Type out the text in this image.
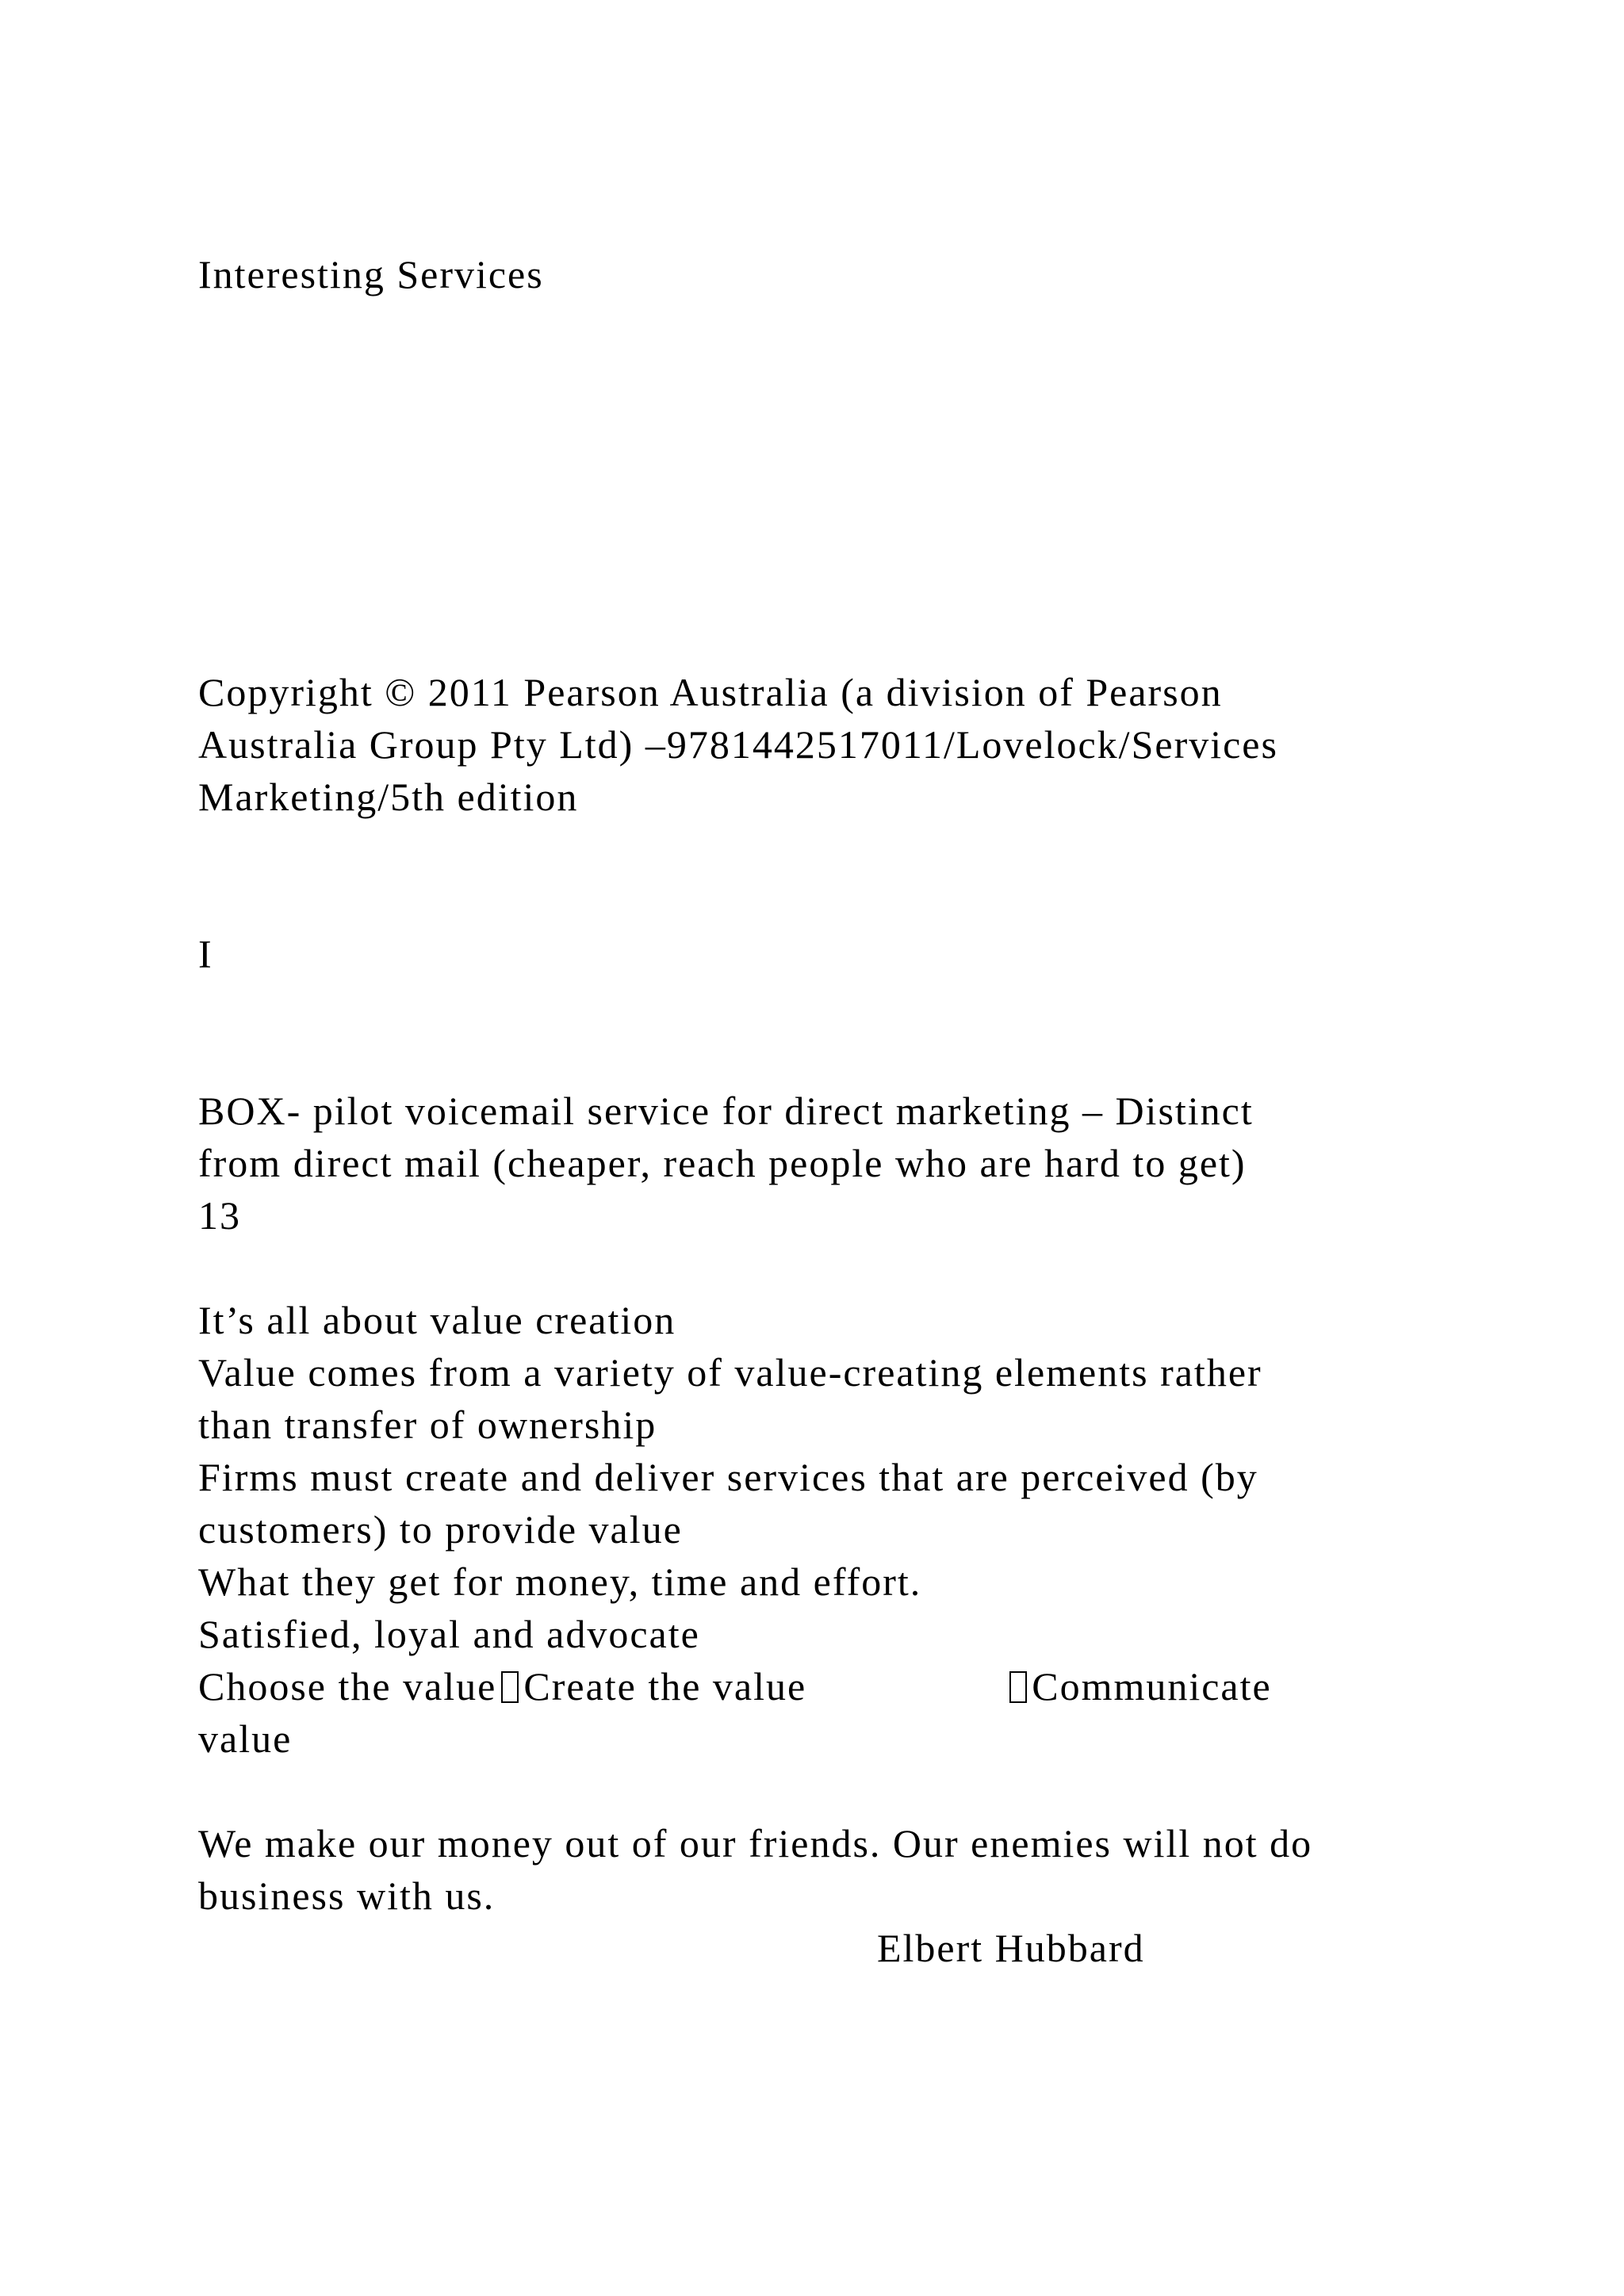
Interesting Services

Copyright © 2011 Pearson Australia (a division of Pearson

Australia Group Pty Ltd) –9781442517011/Lovelock/Services

Marketing/5th edition

I

BOX- pilot voicemail service for direct marketing – Distinct

from direct mail (cheaper, reach people who are hard to get)

13

It’s all about value creation

Value comes from a variety of value-creating elements rather

than transfer of ownership

Firms must create and deliver services that are perceived (by

customers) to provide value

What they get for money, time and effort.

Satisfied, loyal and advocate

Choose the value Create the value	Communicate

value

We make our money out of our friends. Our enemies will not do

business with us.

Elbert Hubbard
